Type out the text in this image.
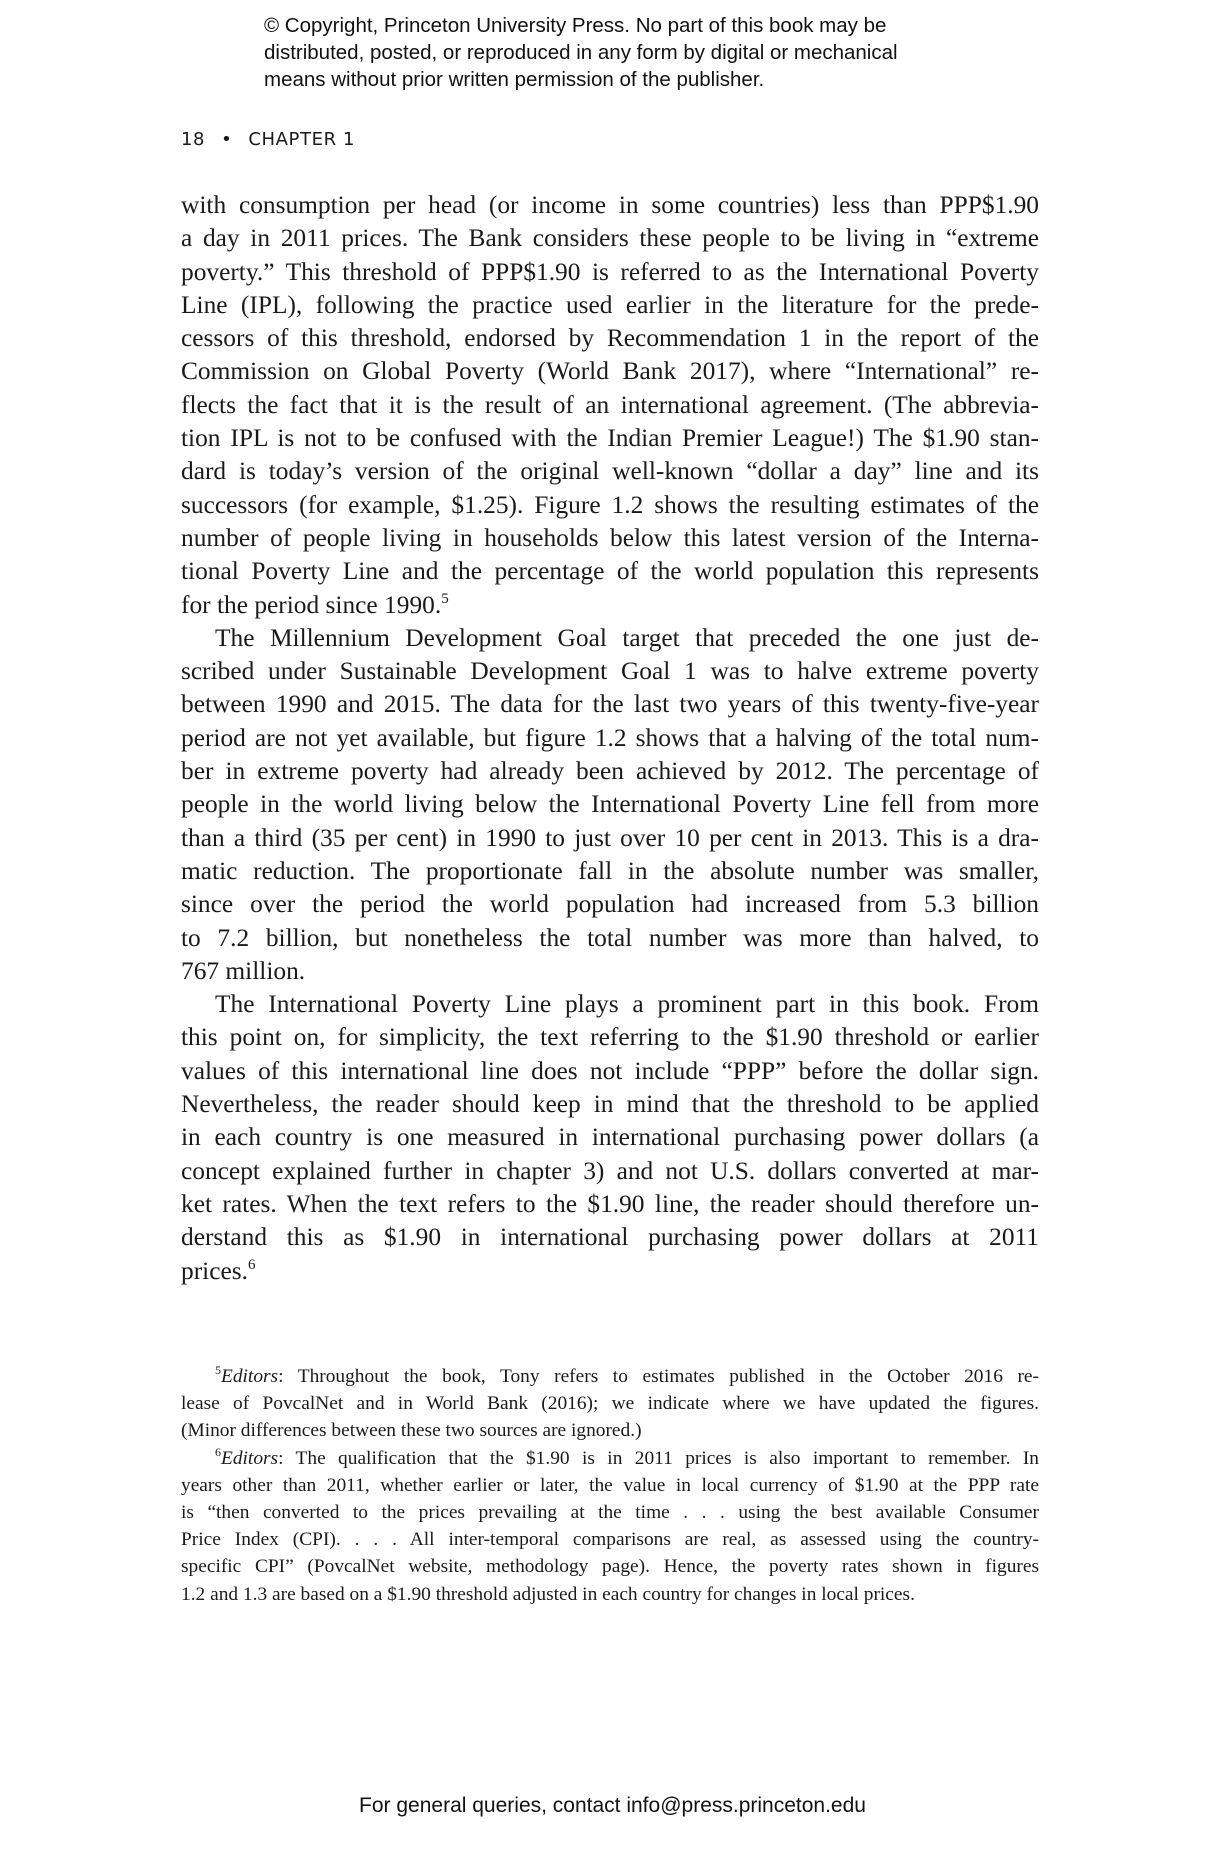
© Copyright, Princeton University Press. No part of this book may be
distributed, posted, or reproduced in any form by digital or mechanical
means without prior written permission of the publisher.
18 • CHAPTER 1
with consumption per head (or income in some countries) less than PPP$1.90
a day in 2011 prices. The Bank considers these people to be living in “extreme
poverty.” This threshold of PPP$1.90 is referred to as the International Poverty
Line (IPL), following the practice used earlier in the literature for the prede-
cessors of this threshold, endorsed by Recommendation 1 in the report of the
Commission on Global Poverty (World Bank 2017), where “International” re-
flects the fact that it is the result of an international agreement. (The abbrevia-
tion IPL is not to be confused with the Indian Premier League!) The $1.90 stan-
dard is today’s version of the original well-known “dollar a day” line and its
successors (for example, $1.25). Figure 1.2 shows the resulting estimates of the
number of people living in households below this latest version of the Interna-
tional Poverty Line and the percentage of the world population this represents
for the period since 1990.$^5$
The Millennium Development Goal target that preceded the one just de-
scribed under Sustainable Development Goal 1 was to halve extreme poverty
between 1990 and 2015. The data for the last two years of this twenty-five-year
period are not yet available, but figure 1.2 shows that a halving of the total num-
ber in extreme poverty had already been achieved by 2012. The percentage of
people in the world living below the International Poverty Line fell from more
than a third (35 per cent) in 1990 to just over 10 per cent in 2013. This is a dra-
matic reduction. The proportionate fall in the absolute number was smaller,
since over the period the world population had increased from 5.3 billion
to 7.2 billion, but nonetheless the total number was more than halved, to
767 million.
The International Poverty Line plays a prominent part in this book. From
this point on, for simplicity, the text referring to the $1.90 threshold or earlier
values of this international line does not include “PPP” before the dollar sign.
Nevertheless, the reader should keep in mind that the threshold to be applied
in each country is one measured in international purchasing power dollars (a
concept explained further in chapter 3) and not U.S. dollars converted at mar-
ket rates. When the text refers to the $1.90 line, the reader should therefore un-
derstand this as $1.90 in international purchasing power dollars at 2011
prices.$^6$
$^5$Editors: Throughout the book, Tony refers to estimates published in the October 2016 re-
lease of PovcalNet and in World Bank (2016); we indicate where we have updated the figures.
(Minor differences between these two sources are ignored.)
$^6$Editors: The qualification that the $1.90 is in 2011 prices is also important to remember. In
years other than 2011, whether earlier or later, the value in local currency of $1.90 at the PPP rate
is “then converted to the prices prevailing at the time . . . using the best available Consumer
Price Index (CPI). . . . All inter-temporal comparisons are real, as assessed using the country-
specific CPI” (PovcalNet website, methodology page). Hence, the poverty rates shown in figures
1.2 and 1.3 are based on a $1.90 threshold adjusted in each country for changes in local prices.
For general queries, contact info@press.princeton.edu
